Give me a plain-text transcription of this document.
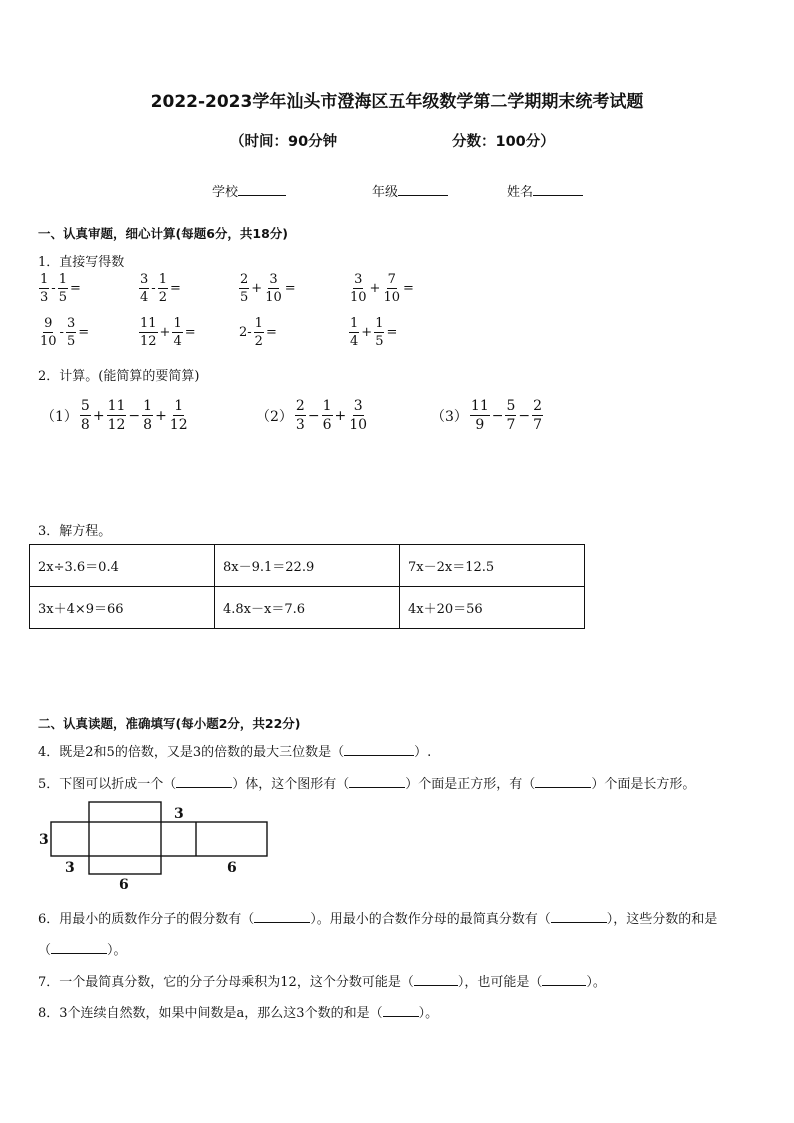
2022-2023学年汕头市澄海区五年级数学第二学期期末统考试题
（时间：90分钟	分数：100分）
学校	年级	姓名
一、认真审题，细心计算(每题6分，共18分)
1．直接写得数
$\frac{1}{3} - \frac{1}{5}$ =	$\frac{3}{4} - \frac{1}{2}$ =	$\frac{2}{5} + \frac{3}{10}$ =	$\frac{3}{10} + \frac{7}{10}$ =
$\frac{9}{10} - \frac{3}{5}$ =	$\frac{11}{12} + \frac{1}{4}$ =	$2- \frac{1}{2}$ =	$\frac{1}{4} + \frac{1}{5}$ =
2．计算。(能简算的要简算)
$(1) \frac{5}{8} + \frac{11}{12} - \frac{1}{8} + \frac{1}{12}$	$(2) \frac{2}{3} - \frac{1}{6} + \frac{3}{10}$	$(3) \frac{11}{9} - \frac{5}{7} - \frac{2}{7}$
3．解方程。
2x÷3.6＝0.4	8x－9.1＝22.9	7x－2x＝12.5
3x＋4×9＝66	4.8x－x＝7.6	4x＋20＝56
二、认真读题，准确填写(每小题2分，共22分)
4．既是2和5的倍数，又是3的倍数的最大三位数是（	）.
5．下图可以折成一个（	）体，这个图形有（	）个面是正方形，有（	）个面是长方形。
3
3
3
6
6
6．用最小的质数作分子的假分数有（	）。用最小的合数作分母的最简真分数有（	），这些分数的和是
（	）。
7．一个最简真分数，它的分子分母乘积为12，这个分数可能是（	），也可能是（	）。
8．3个连续自然数，如果中间数是a，那么这3个数的和是（	）。
